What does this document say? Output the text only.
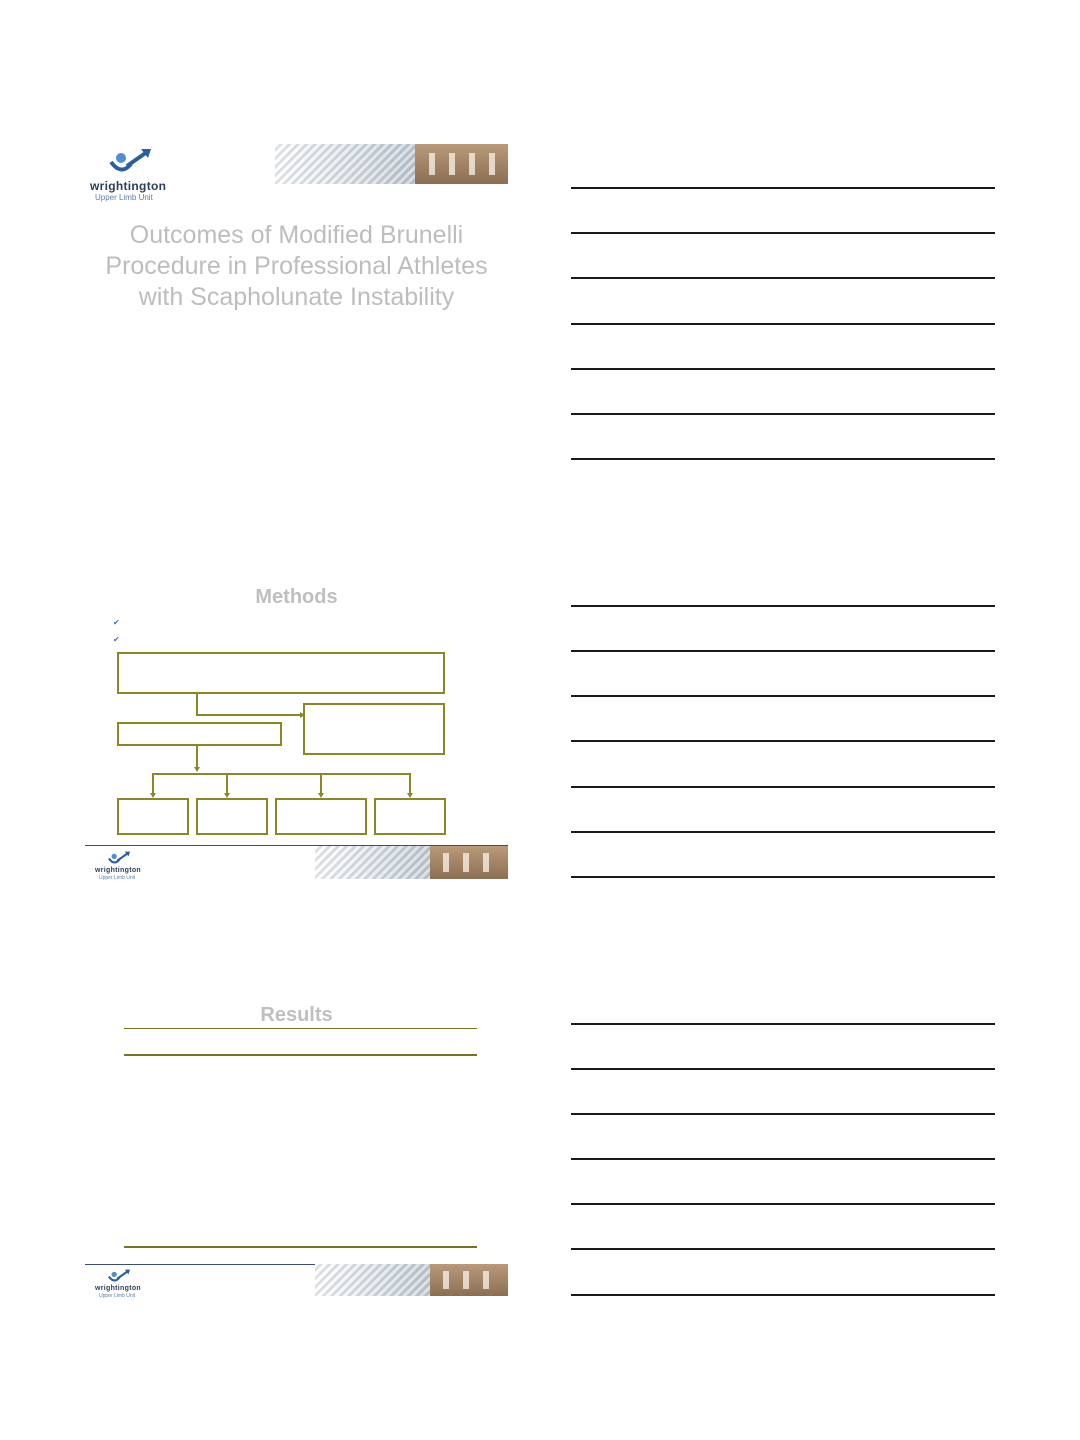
wrightington
Upper Limb Unit
Outcomes of Modified Brunelli Procedure in Professional Athletes with Scapholunate Instability
Methods
✔
✔
wrightington
Upper Limb Unit
Results
wrightington
Upper Limb Unit
